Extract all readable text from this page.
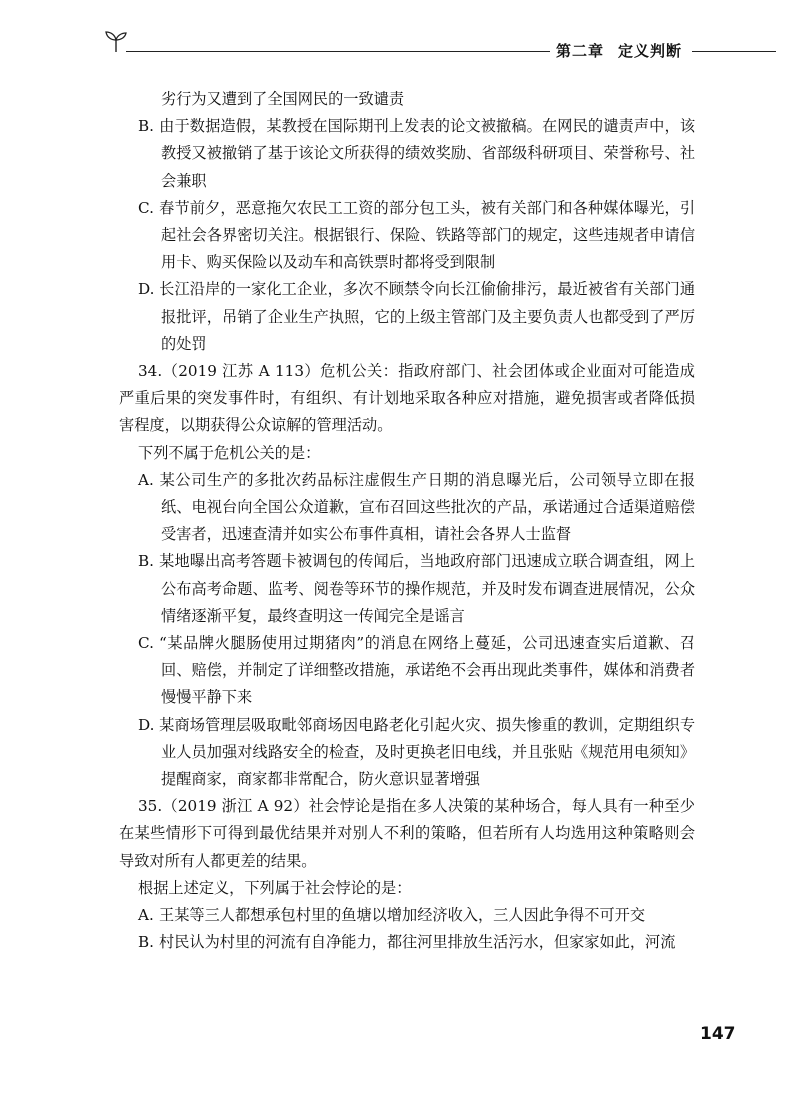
第二章 定义判断

劣行为又遭到了全国网民的一致谴责

B. 由于数据造假，某教授在国际期刊上发表的论文被撤稿。在网民的谴责声中，该教授又被撤销了基于该论文所获得的绩效奖励、省部级科研项目、荣誉称号、社会兼职

C. 春节前夕，恶意拖欠农民工工资的部分包工头，被有关部门和各种媒体曝光，引起社会各界密切关注。根据银行、保险、铁路等部门的规定，这些违规者申请信用卡、购买保险以及动车和高铁票时都将受到限制

D. 长江沿岸的一家化工企业，多次不顾禁令向长江偷偷排污，最近被省有关部门通报批评，吊销了企业生产执照，它的上级主管部门及主要负责人也都受到了严厉的处罚

34.（2019 江苏 A 113）危机公关：指政府部门、社会团体或企业面对可能造成严重后果的突发事件时，有组织、有计划地采取各种应对措施，避免损害或者降低损害程度，以期获得公众谅解的管理活动。

下列不属于危机公关的是：

A. 某公司生产的多批次药品标注虚假生产日期的消息曝光后，公司领导立即在报纸、电视台向全国公众道歉，宣布召回这些批次的产品，承诺通过合适渠道赔偿受害者，迅速查清并如实公布事件真相，请社会各界人士监督

B. 某地曝出高考答题卡被调包的传闻后，当地政府部门迅速成立联合调查组，网上公布高考命题、监考、阅卷等环节的操作规范，并及时发布调查进展情况，公众情绪逐渐平复，最终查明这一传闻完全是谣言

C. “某品牌火腿肠使用过期猪肉”的消息在网络上蔓延，公司迅速查实后道歉、召回、赔偿，并制定了详细整改措施，承诺绝不会再出现此类事件，媒体和消费者慢慢平静下来

D. 某商场管理层吸取毗邻商场因电路老化引起火灾、损失惨重的教训，定期组织专业人员加强对线路安全的检查，及时更换老旧电线，并且张贴《规范用电须知》提醒商家，商家都非常配合，防火意识显著增强

35.（2019 浙江 A 92）社会悖论是指在多人决策的某种场合，每人具有一种至少在某些情形下可得到最优结果并对别人不利的策略，但若所有人均选用这种策略则会导致对所有人都更差的结果。

根据上述定义，下列属于社会悖论的是：

A. 王某等三人都想承包村里的鱼塘以增加经济收入，三人因此争得不可开交

B. 村民认为村里的河流有自净能力，都往河里排放生活污水，但家家如此，河流

147
